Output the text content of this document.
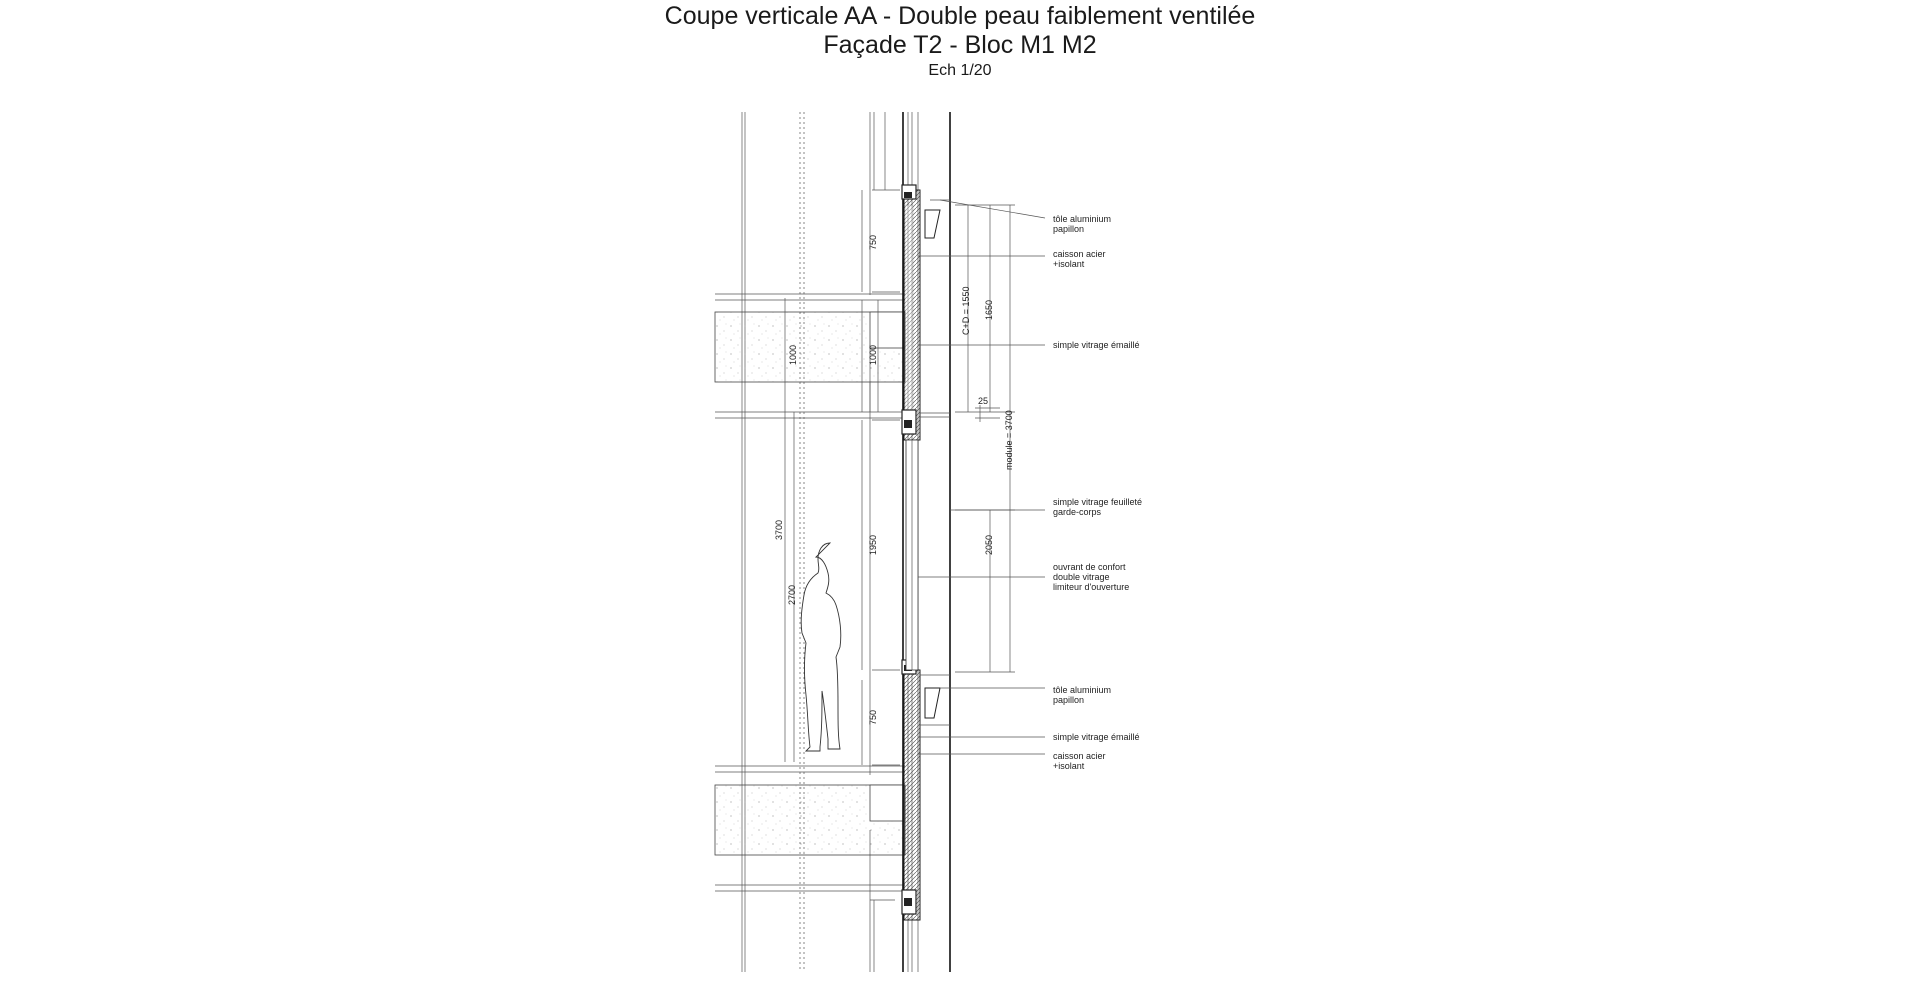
Coupe verticale AA - Double peau faiblement ventilée
Façade T2 - Bloc M1 M2
Ech 1/20
750
1000	1000
3700
2700
1950
750
C+D = 1550 1650
25
module = 3700
2050
tôle aluminium papillon
caisson acier +isolant
simple vitrage émaillé
simple vitrage feuilleté garde-corps
ouvrant de confort double vitrage limiteur d'ouverture
tôle aluminium papillon
simple vitrage émaillé
caisson acier +isolant
